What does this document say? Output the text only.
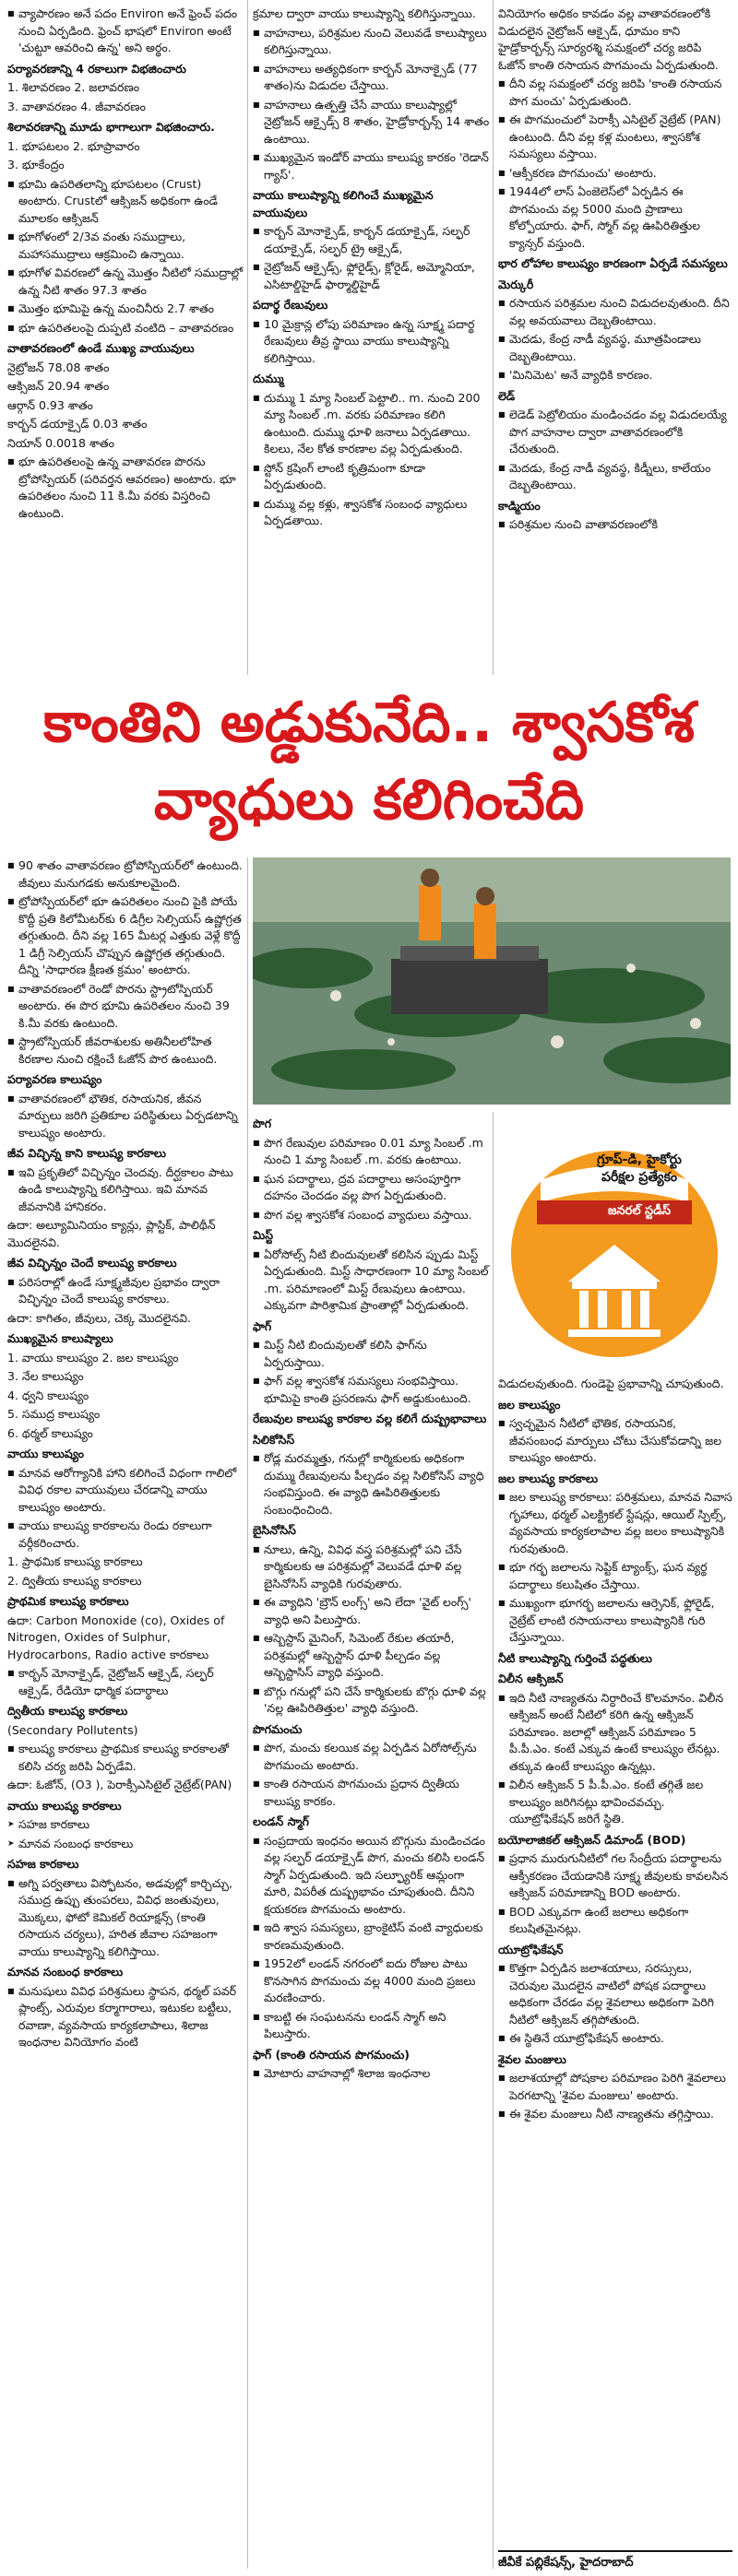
■ వ్యాపారణం అనే పదం Environ అనే ఫ్రెంచ్ పదం నుంచి ఏర్పడింది. ఫ్రెంచ్ భాషలో Environ అంటే 'చుట్టూ ఆవరించి ఉన్న' అని అర్థం.

పర్యావరణాన్ని 4 రకాలుగా విభజించారు

1. శిలావరణం 2. జలావరణం

3. వాతావరణం 4. జీవావరణం

శిలావరణాన్ని మూడు భాగాలుగా విభజించారు.

1. భూపటలం 2. భూప్రావారం

3. భూకేంద్రం

■ భూమి ఉపరితలాన్ని భూపటలం (Crust) అంటారు. Crustలో ఆక్సిజన్ అధికంగా ఉండే మూలకం ఆక్సిజన్

■ భూగోళంలో 2/3వ వంతు సముద్రాలు, మహాసముద్రాలు ఆక్రమించి ఉన్నాయి.

■ భూగోళ వివరణలో ఉన్న మొత్తం నీటిలో సముద్రాల్లో ఉన్న నీటి శాతం 97.3 శాతం

■ మొత్తం భూమిపై ఉన్న మంచినీరు 2.7 శాతం

■ భూ ఉపరితలంపై దుప్పటి వంటిది – వాతావరణం

వాతావరణంలో ఉండే ముఖ్య వాయువులు

నైట్రోజన్ 78.08 శాతం

ఆక్సిజన్ 20.94 శాతం

ఆర్గాన్ 0.93 శాతం

కార్బన్ డయాక్సైడ్ 0.03 శాతం

నియాన్ 0.0018 శాతం

■ భూ ఉపరితలంపై ఉన్న వాతావరణ పొరను ట్రోపోస్పియర్ (పరివర్తన ఆవరణం) అంటారు. భూ ఉపరితలం నుంచి 11 కి.మీ వరకు విస్తరించి ఉంటుంది.

క్రమాల ద్వారా వాయు కాలుష్యాన్ని కలిగిస్తున్నాయి.

■ వాహనాలు, పరిశ్రమల నుంచి వెలువడే కాలుష్యాలు కలిగిస్తున్నాయి.

■ వాహనాలు అత్యధికంగా కార్బన్ మోనాక్సైడ్ (77 శాతం)ను విడుదల చేస్తాయి.

■ వాహనాలు ఉత్పత్తి చేసే వాయు కాలుష్యాల్లో నైట్రోజన్ ఆక్సైడ్స్ 8 శాతం, హైడ్రోకార్బన్స్ 14 శాతం ఉంటాయి.

■ ముఖ్యమైన ఇండోర్ వాయు కాలుష్య కారకం 'రెడాన్ గ్యాస్'.

వాయు కాలుష్యాన్ని కలిగించే ముఖ్యమైన వాయువులు

■ కార్బన్ మోనాక్సైడ్, కార్బన్ డయాక్సైడ్, సల్ఫర్ డయాక్సైడ్, సల్ఫర్ ట్రై ఆక్సైడ్,

■ నైట్రోజన్ ఆక్సైడ్స్, ఫ్లోరైడ్స్, క్లోరైడ్, అమ్మోనియా, ఎసిటాల్డిహైడ్ ఫార్మాల్డిహైడ్

పదార్థ రేణువులు

■ 10 మైక్రాన్ల లోపు పరిమాణం ఉన్న సూక్ష్మ పదార్థ రేణువులు తీవ్ర స్థాయి వాయు కాలుష్యాన్ని కలిగిస్తాయి.

దుమ్ము

■ దుమ్ము 1 మ్యా సింబల్ పెట్టాలి.. m. నుంచి 200 మ్యా సింబల్ .m. వరకు పరిమాణం కలిగి ఉంటుంది. దుమ్ము ధూళి జనాలు ఏర్పడతాయి. కిలలు, నేల కోత కారణాల వల్ల ఏర్పడుతుంది.

■ స్టోన్ క్రషింగ్ లాంటి కృత్రిమంగా కూడా ఏర్పడుతుంది.

■ దుమ్ము వల్ల కళ్లు, శ్వాసకోశ సంబంధ వ్యాధులు ఏర్పడతాయి.

వినియోగం అధికం కావడం వల్ల వాతావరణంలోకి విడుదలైన నైట్రోజన్ ఆక్సైడ్, ధూమం కాని హైడ్రోకార్బన్స్ సూర్యరశ్మి సమక్షంలో చర్య జరిపి ఓజోన్ కాంతి రసాయన పొగమంచు ఏర్పడుతుంది.

■ దీని వల్ల సమక్షంలో చర్య జరిపి 'కాంతి రసాయన పొగ మంచు' ఏర్పడుతుంది.

■ ఈ పొగమంచులో పెరాక్సీ ఎసిటైల్ నైట్రేట్ (PAN) ఉంటుంది. దీని వల్ల కళ్ల మంటలు, శ్వాసకోశ సమస్యలు వస్తాయి.

■ 'ఆక్సీకరణ పొగమంచు' అంటారు.

■ 1944లో లాస్ ఏంజెలెస్‌లో ఏర్పడిన ఈ పొగమంచు వల్ల 5000 మంది ప్రాణాలు కోల్పోయారు. ఫాగ్, స్మోగ్ వల్ల ఊపిరితిత్తుల క్యాన్సర్ వస్తుంది.

భార లోహాల కాలుష్యం కారణంగా ఏర్పడే సమస్యలు

మెర్కురీ

■ రసాయన పరిశ్రమల నుంచి విడుదలవుతుంది. దీని వల్ల అవయవాలు దెబ్బతింటాయి.

■ మెదడు, కేంద్ర నాడీ వ్యవస్థ, మూత్రపిండాలు దెబ్బతింటాయి.

■ 'మినిమెట' అనే వ్యాధికి కారణం.

లెడ్

■ లెడెడ్ పెట్రోలియం మండించడం వల్ల విడుదలయ్యే పొగ వాహనాల ద్వారా వాతావరణంలోకి చేరుతుంది.

■ మెదడు, కేంద్ర నాడీ వ్యవస్థ, కిడ్నీలు, కాలేయం దెబ్బతింటాయి.

కాడ్మియం

■ పరిశ్రమల నుంచి వాతావరణంలోకి

కాంతిని అడ్డుకునేది.. శ్వాసకోశ
వ్యాధులు కలిగించేది

■ 90 శాతం వాతావరణం ట్రోపోస్పియర్‌లో ఉంటుంది. జీవులు మనుగడకు అనుకూలమైంది.

■ ట్రోపోస్పియర్‌లో భూ ఉపరితలం నుంచి పైకి పోయే కొద్దీ ప్రతి కిలోమీటర్‌కు 6 డిగ్రీల సెల్సియస్ ఉష్ణోగ్రత తగ్గుతుంది. దీని వల్ల 165 మీటర్ల ఎత్తుకు వెళ్లే కొద్దీ 1 డిగ్రీ సెల్సియస్ చొప్పున ఉష్ణోగ్రత తగ్గుతుంది. దీన్ని 'సాధారణ క్షీణత క్రమం' అంటారు.

■ వాతావరణంలో రెండో పొరను స్ట్రాటోస్పియర్ అంటారు. ఈ పొర భూమి ఉపరితలం నుంచి 39 కి.మీ వరకు ఉంటుంది.

■ స్ట్రాటోస్పియర్ జీవరాశులకు అతినీలలోహిత కిరణాల నుంచి రక్షించే ఓజోన్ పొర ఉంటుంది.

పర్యావరణ కాలుష్యం

■ వాతావరణంలో భౌతిక, రసాయనిక, జీవన మార్పులు జరిగి ప్రతికూల పరిస్థితులు ఏర్పడటాన్ని కాలుష్యం అంటారు.

జీవ విచ్ఛిన్న కాని కాలుష్య కారకాలు

■ ఇవి ప్రకృతిలో విచ్ఛిన్నం చెందవు. దీర్ఘకాలం పాటు ఉండి కాలుష్యాన్ని కలిగిస్తాయి. ఇవి మానవ జీవనానికి హానికరం.

ఉదా: అల్యూమినియం క్యాన్లు, ప్లాస్టిక్, పాలిథీన్ మొదలైనవి.

జీవ విచ్ఛిన్నం చెందే కాలుష్య కారకాలు

■ పరిసరాల్లో ఉండే సూక్ష్మజీవుల ప్రభావం ద్వారా విచ్ఛిన్నం చెందే కాలుష్య కారకాలు.

ఉదా: కాగితం, జీవులు, చెక్క మొదలైనవి.

ముఖ్యమైన కాలుష్యాలు

1. వాయు కాలుష్యం 2. జల కాలుష్యం

3. నేల కాలుష్యం

4. ధ్వని కాలుష్యం

5. సముద్ర కాలుష్యం

6. థర్మల్ కాలుష్యం

వాయు కాలుష్యం

■ మానవ ఆరోగ్యానికి హాని కలిగించే విధంగా గాలిలో వివిధ రకాల వాయువులు చేరడాన్ని వాయు కాలుష్యం అంటారు.

■ వాయు కాలుష్య కారకాలను రెండు రకాలుగా వర్గీకరించారు.

1. ప్రాథమిక కాలుష్య కారకాలు

2. ద్వితీయ కాలుష్య కారకాలు

ప్రాథమిక కాలుష్య కారకాలు

ఉదా: Carbon Monoxide (co), Oxides of Nitrogen, Oxides of Sulphur, Hydrocarbons, Radio active కారకాలు

■ కార్బన్ మోనాక్సైడ్, నైట్రోజన్ ఆక్సైడ్, సల్ఫర్ ఆక్సైడ్, రేడియో ధార్మిక పదార్థాలు

ద్వితీయ కాలుష్య కారకాలు

(Secondary Pollutents)

■ కాలుష్య కారకాలు ప్రాథమిక కాలుష్య కారకాలతో కలిసి చర్య జరిపి ఏర్పడేవి.

ఉదా: ఓజోన్, (O3 ), పెరాక్సీఎసిటైల్ నైట్రేట్(PAN)

వాయు కాలుష్య కారకాలు

➤ సహజ కారకాలు

➤ మానవ సంబంధ కారకాలు

సహజ కారకాలు

■ అగ్ని పర్వతాలు విస్ఫోటనం, అడవుల్లో కార్చిచ్చు, సముద్ర ఉప్పు తుంపరలు, వివిధ జంతువులు, మొక్కలు, ఫోటో కెమికల్ రియాక్షన్స్ (కాంతి రసాయన చర్యలు), హరిత జీవాల సహజంగా వాయు కాలుష్యాన్ని కలిగిస్తాయి.

మానవ సంబంధ కారకాలు

■ మనుషులు వివిధ పరిశ్రమలు స్థాపన, థర్మల్ పవర్ ప్లాంట్స్, ఎరువుల కర్మాగారాలు, ఇటుకల బట్టీలు, రవాణా, వ్యవసాయ కార్యకలాపాలు, శిలాజ ఇంధనాల వినియోగం వంటి

పొగ

■ పొగ రేణువుల పరిమాణం 0.01 మ్యా సింబల్ .m నుంచి 1 మ్యా సింబల్ .m. వరకు ఉంటాయి.

■ ఘన పదార్థాలు, ద్రవ పదార్థాలు అసంపూర్తిగా దహనం చెందడం వల్ల పొగ ఏర్పడుతుంది.

■ పొగ వల్ల శ్వాసకోశ సంబంధ వ్యాధులు వస్తాయి.

మిస్ట్

■ ఏరోసోల్స్ నీటి బిందువులతో కలిసిన ప్పుడు మిస్ట్ ఏర్పడుతుంది. మిస్ట్ సాధారణంగా 10 మ్యా సింబల్ .m. పరిమాణంలో మిస్ట్ రేణువులు ఉంటాయి. ఎక్కువగా పారిశ్రామిక ప్రాంతాల్లో ఏర్పడుతుంది.

ఫాగ్

■ మిస్ట్ నీటి బిందువులతో కలిసి ఫాగ్‌ను ఏర్పరుస్తాయి.

■ ఫాగ్ వల్ల శ్వాసకోశ సమస్యలు సంభవిస్తాయి. భూమిపై కాంతి ప్రసరణను ఫాగ్ అడ్డుకుంటుంది.

రేణువుల కాలుష్య కారకాల వల్ల కలిగే దుష్ప్రభావాలు

సిలికోసిస్

■ రోడ్ల మరమ్మత్తు, గనుల్లో కార్మికులకు అధికంగా దుమ్ము రేణువులను పీల్చడం వల్ల సిలికోసిస్ వ్యాధి సంభవిస్తుంది. ఈ వ్యాధి ఊపిరితిత్తులకు సంబంధించింది.

బైసినోసిస్

■ నూలు, ఉన్ని, వివిధ వస్త్ర పరిశ్రమల్లో పని చేసే కార్మికులకు ఆ పరిశ్రమల్లో వెలువడే ధూళి వల్ల బైసినోసిస్ వ్యాధికి గురవుతారు.

■ ఈ వ్యాధిని 'బ్రౌన్ లంగ్స్' అని లేదా 'వైట్ లంగ్స్' వ్యాధి అని పిలుస్తారు.

■ ఆస్బెస్టాస్ మైనింగ్, సిమెంట్ రేకుల తయారీ, పరిశ్రమల్లో ఆస్బెస్టాస్ ధూళి పీల్చడం వల్ల ఆస్బెస్టాసిస్ వ్యాధి వస్తుంది.

■ బొగ్గు గనుల్లో పని చేసే కార్మికులకు బొగ్గు ధూళి వల్ల 'నల్ల ఊపిరితిత్తుల' వ్యాధి వస్తుంది.

పొగమంచు

■ పొగ, మంచు కలయిక వల్ల ఏర్పడిన ఏరోసోల్స్‌ను పొగమంచు అంటారు.

■ కాంతి రసాయన పొగమంచు ప్రధాన ద్వితీయ కాలుష్య కారకం.

లండన్ స్మాగ్

■ సంప్రదాయ ఇంధనం అయిన బొగ్గును మండించడం వల్ల సల్ఫర్ డయాక్సైడ్ పొగ, మంచు కలిసి లండన్ స్మాగ్ ఏర్పడుతుంది. ఇది సల్ఫ్యూరిక్ ఆమ్లంగా మారి, విపరీత దుష్ప్రభావం చూపుతుంది. దీనిని క్షయకరణ పొగమంచు అంటారు.

■ ఇది శ్వాస సమస్యలు, బ్రాంకైటిస్ వంటి వ్యాధులకు కారణమవుతుంది.

■ 1952లో లండన్ నగరంలో ఐదు రోజుల పాటు కొనసాగిన పొగమంచు వల్ల 4000 మంది ప్రజలు మరణించారు.

■ కాబట్టి ఈ సంఘటనను లండన్ స్మాగ్ అని పిలుస్తారు.

ఫాగ్ (కాంతి రసాయన పొగమంచు)

■ మోటారు వాహనాల్లో శిలాజ ఇంధనాల

విడుదలవుతుంది. గుండెపై ప్రభావాన్ని చూపుతుంది.

జల కాలుష్యం

■ స్వచ్ఛమైన నీటిలో భౌతిక, రసాయనిక, జీవసంబంధ మార్పులు చోటు చేసుకోవడాన్ని జల కాలుష్యం అంటారు.

జల కాలుష్య కారకాలు

■ జల కాలుష్య కారకాలు: పరిశ్రమలు, మానవ నివాస గృహాలు, థర్మల్ ఎలక్ట్రికల్ స్టేషన్లు, ఆయిల్ స్పిల్స్, వ్యవసాయ కార్యకలాపాల వల్ల జలం కాలుష్యానికి గురవుతుంది.

■ భూ గర్భ జలాలను సెప్టిక్ ట్యాంక్స్, ఘన వ్యర్థ పదార్థాలు కలుషితం చేస్తాయి.

■ ముఖ్యంగా భూగర్భ జలాలను ఆర్సెనిక్, ఫ్లోరైడ్, నైట్రేట్ లాంటి రసాయనాలు కాలుష్యానికి గురి చేస్తున్నాయి.

నీటి కాలుష్యాన్ని గుర్తించే పద్ధతులు

విలీన ఆక్సిజన్

■ ఇది నీటి నాణ్యతను నిర్ధారించే కొలమానం. విలీన ఆక్సిజన్ అంటే నీటిలో కరిగి ఉన్న ఆక్సిజన్ పరిమాణం. జలాల్లో ఆక్సిజన్ పరిమాణం 5 పీ.పీ.ఎం. కంటే ఎక్కువ ఉంటే కాలుష్యం లేనట్లు. తక్కువ ఉంటే కాలుష్యం ఉన్నట్లు.

■ విలీన ఆక్సిజన్ 5 పీ.పీ.ఎం. కంటే తగ్గితే జల కాలుష్యం జరిగినట్లు భావించవచ్చు. యూట్రోఫికేషన్ జరిగే స్థితి.

బయోలాజికల్ ఆక్సిజన్ డిమాండ్ (BOD)

■ ప్రధాన మురుగునీటిలో గల సేంద్రీయ పదార్థాలను ఆక్సీకరణం చేయడానికి సూక్ష్మ జీవులకు కావలసిన ఆక్సిజన్ పరిమాణాన్ని BOD అంటారు.

■ BOD ఎక్కువగా ఉంటే జలాలు అధికంగా కలుషితమైనట్లు.

యూట్రోఫికేషన్

■ కొత్తగా ఏర్పడిన జలాశయాలు, సరస్సులు, చెరువుల మొదలైన వాటిలో పోషక పదార్థాలు అధికంగా చేరడం వల్ల శైవలాలు అధికంగా పెరిగి నీటిలో ఆక్సిజన్ తగ్గిపోతుంది.

■ ఈ స్థితినే యూట్రోఫికేషన్ అంటారు.

శైవల మంజులు

■ జలాశయాల్లో పోషకాల పరిమాణం పెరిగి శైవలాలు పెరగటాన్ని 'శైవల మంజులు' అంటారు.

■ ఈ శైవల మంజులు నీటి నాణ్యతను తగ్గిస్తాయి.

గ్రూప్-డి, హైకోర్టు
పరీక్షల ప్రత్యేకం
జనరల్ స్టడీస్
జీవీకే పబ్లికేషన్స్, హైదరాబాద్
